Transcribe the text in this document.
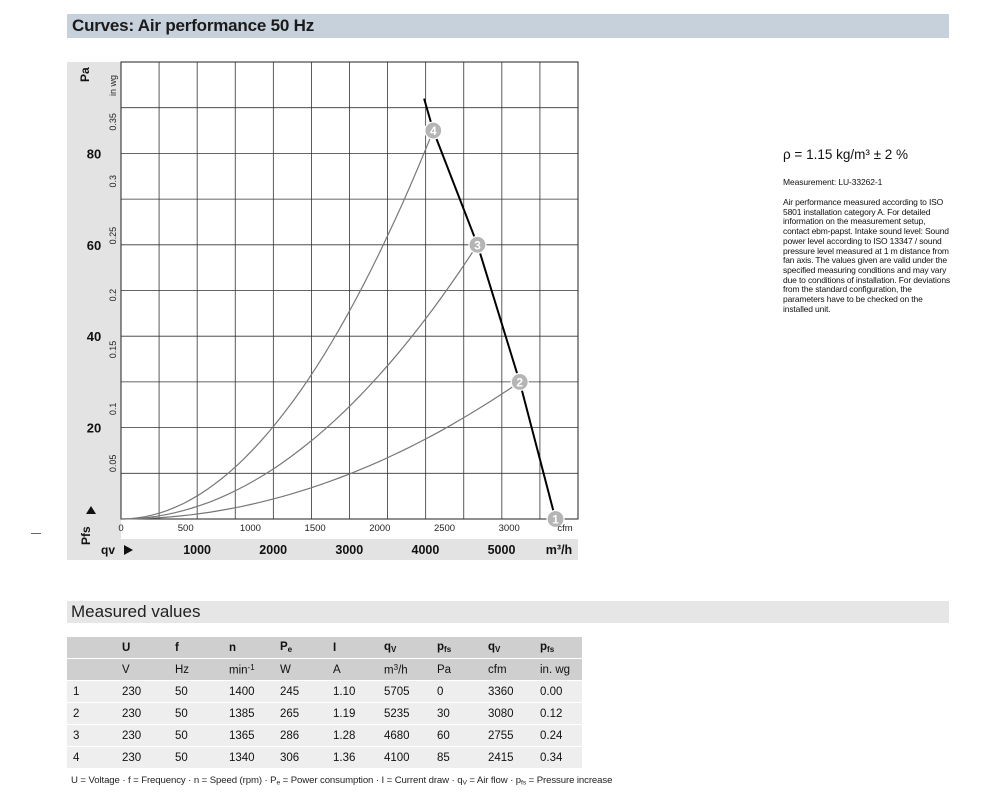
Curves: Air performance 50 Hz
1
2
3
4
20
40
60
80
Pa
in wg
0.05
0.1
0.15
0.2
0.25
0.3
0.35
Pfs	0	500	1000	1500	2000	2500	3000	cfm
1000	2000	3000	4000	5000 m³/h
qv
ρ = 1.15 kg/m³ ± 2 %
Measurement: LU-33262-1
Air performance measured according to ISO 5801 installation category A. For detailed information on the measurement setup, contact ebm-papst. Intake sound level: Sound power level according to ISO 13347 / sound pressure level measured at 1 m distance from fan axis. The values given are valid under the specified measuring conditions and may vary due to conditions of installation. For deviations from the standard configuration, the parameters have to be checked on the installed unit.
Measured values
	U	f	n	$P_e$	I	$q_V$	$p_{fs}$	$q_V$	$p_{fs}$
	V	Hz	$\min^{-1}$	W	A	$m^3/h$	Pa	cfm	in. wg
1	230	50	1400	245	1.10	5705	0	3360	0.00
2	230	50	1385	265	1.19	5235	30	3080	0.12
3	230	50	1365	286	1.28	4680	60	2755	0.24
4	230	50	1340	306	1.36	4100	85	2415	0.34
U = Voltage · f = Frequency · n = Speed $(rpm) \cdot P_e$ = Power consumption · I = Current draw · $q_V$ = Air flow · $p_{fs}$ = Pressure increase
